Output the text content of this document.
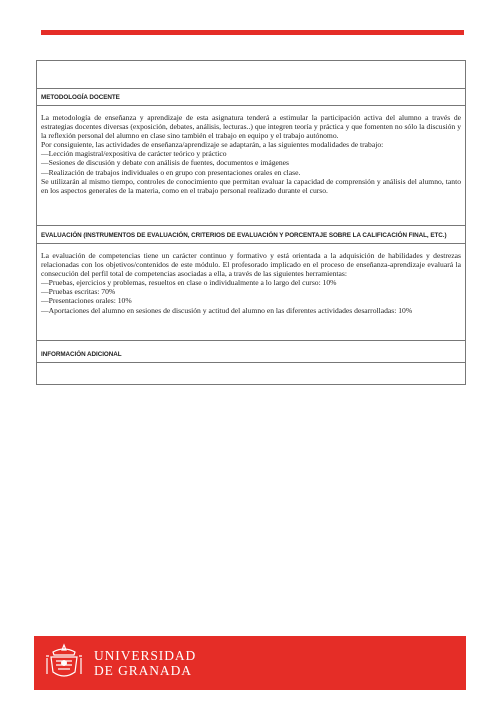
METODOLOGÍA DOCENTE

La metodología de enseñanza y aprendizaje de esta asignatura tenderá a estimular la participación activa del alumno a través de estrategias docentes diversas (exposición, debates, análisis, lecturas..) que integren teoría y práctica y que fomenten no sólo la discusión y la reflexión personal del alumno en clase sino también el trabajo en equipo y el trabajo autónomo.

Por consiguiente, las actividades de enseñanza/aprendizaje se adaptarán, a las siguientes modalidades de trabajo:

— Lección magistral/expositiva de carácter teórico y práctico

— Sesiones de discusión y debate con análisis de fuentes, documentos e imágenes

— Realización de trabajos individuales o en grupo con presentaciones orales en clase.

Se utilizarán al mismo tiempo, controles de conocimiento que permitan evaluar la capacidad de comprensión y análisis del alumno, tanto en los aspectos generales de la materia, como en el trabajo personal realizado durante el curso.

EVALUACIÓN (INSTRUMENTOS DE EVALUACIÓN, CRITERIOS DE EVALUACIÓN Y PORCENTAJE SOBRE LA CALIFICACIÓN FINAL, ETC.)

La evaluación de competencias tiene un carácter continuo y formativo y está orientada a la adquisición de habilidades y destrezas relacionadas con los objetivos/contenidos de este módulo. El profesorado implicado en el proceso de enseñanza-aprendizaje evaluará la consecución del perfil total de competencias asociadas a ella, a través de las siguientes herramientas:

— Pruebas, ejercicios y problemas, resueltos en clase o individualmente a lo largo del curso: 10%

— Pruebas escritas: 70%

— Presentaciones orales: 10%

— Aportaciones del alumno en sesiones de discusión y actitud del alumno en las diferentes actividades desarrolladas: 10%

INFORMACIÓN ADICIONAL
UNIVERSIDAD
DE GRANADA
